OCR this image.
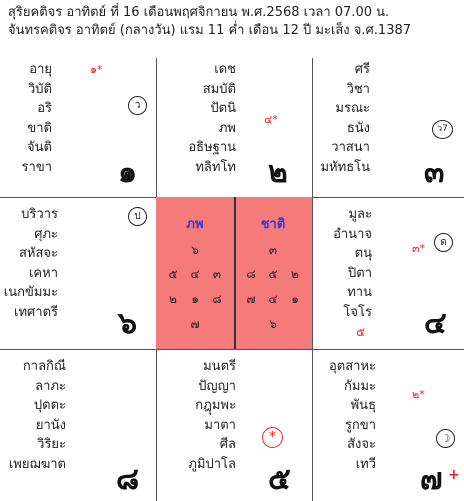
สุริยคติจร อาทิตย์ ที่ 16 เดือนพฤศจิกายน พ.ศ.2568 เวลา 07.00 น.
จันทรคติจร อาทิตย์ (กลางวัน) แรม 11 ค่ำ เดือน 12 ปี มะเส็ง จ.ศ.1387
อายุ
วิบัติ
อริ
ขาติ
จันติ
ราขา
๑*
ว
๑
เดช
สมบัติ
ปัตนิ
ภพ
อธิษฐาน
ทลิทโท
๔*
๒
ศรี
วิชา
มรณะ
ธนัง
วาสนา
มหัทธโน
ว7
๓
บริวาร
ศุภะ
สหัสจะ
เคหา
เนกขัมมะ
เทศาตรี
ป
๖
ภพ	ชาติ
๖
๕ ๔ ๓
๒ ๑ ๘
๗
๓
๘ ๕ ๒
๗ ๔ ๑
๖
มูละ
อำนาจ
ตนุ
ปิตา
ทาน
โจโร
๓*	ด
๕ ๔
กาลกิณี
ลาภะ
ปุตตะ
ยานัง
วิริยะ
เพยฌฆาต ๘
มนตรี
ปัญญา
กฎุมพะ
มาตา
ศีล
ภูมิปาโล
*
๕
อุตสาหะ
กัมมะ
พันธุ
รูกขา
สังจะ
เทวี
๒*
☽
๗ +
